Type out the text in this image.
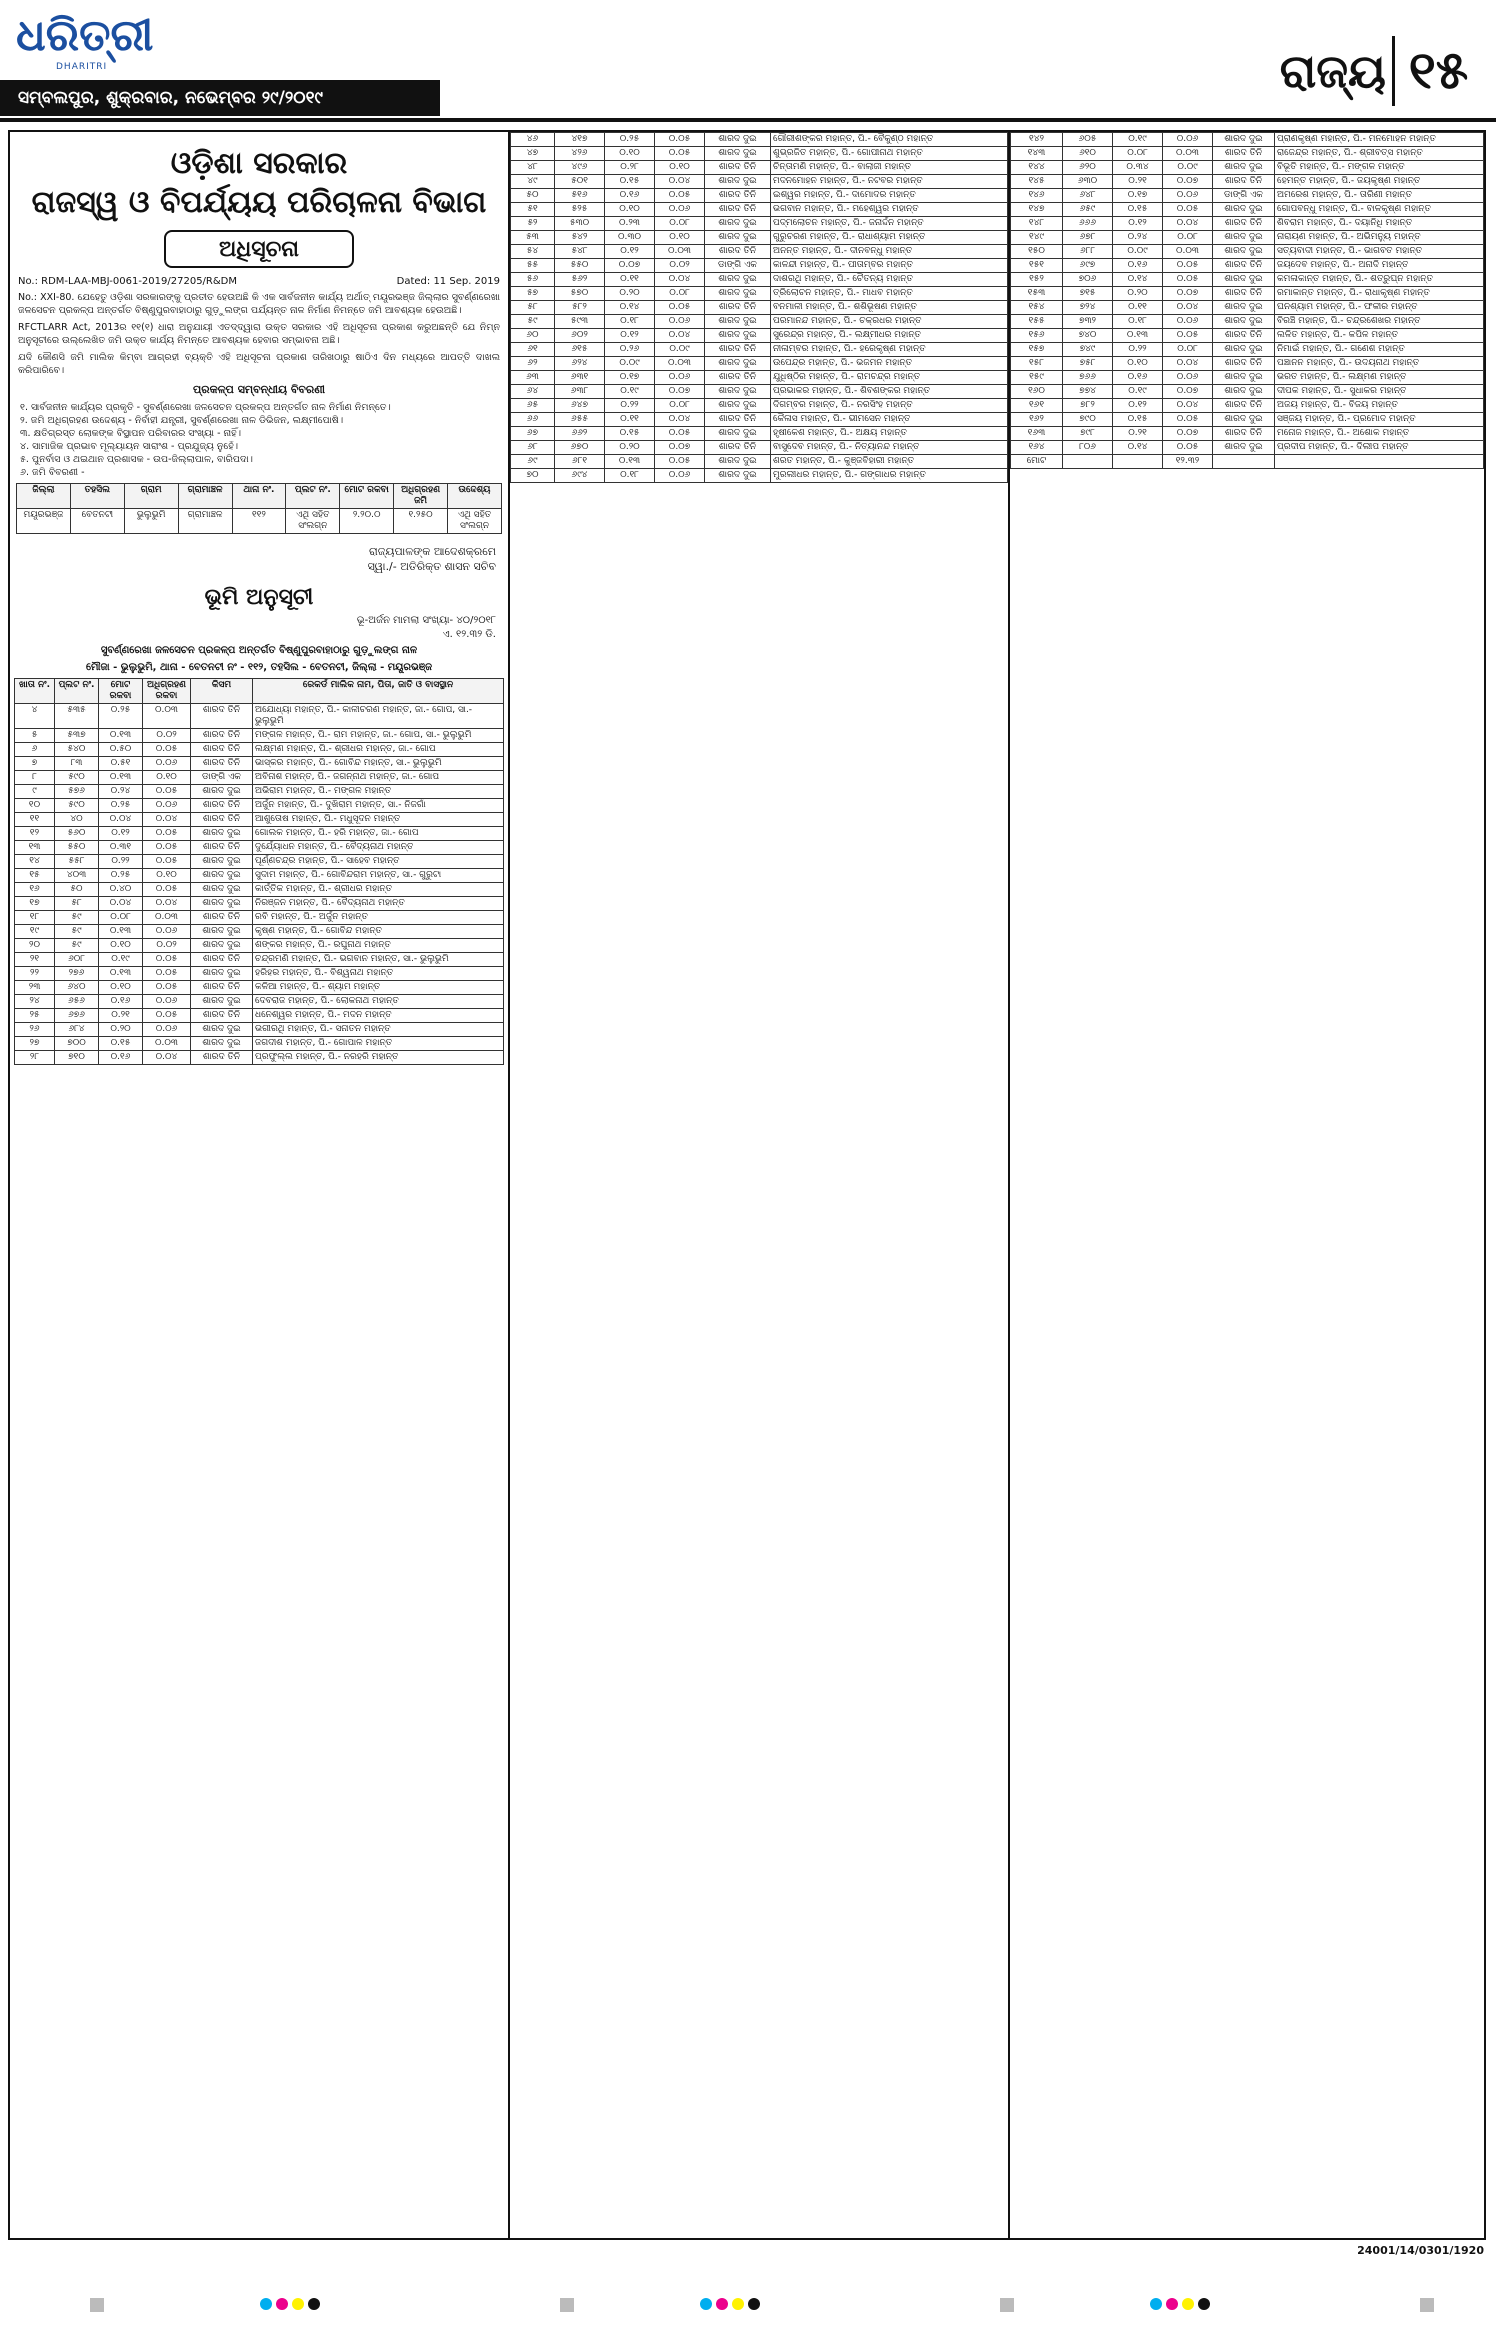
ଧରିତ୍ରୀ
DHARITRI
ସମ୍ବଲପୁର, ଶୁକ୍ରବାର, ନଭେମ୍ବର ୨୯/୨୦୧୯	ରାଜ୍ୟ ୧୫
ଓଡ଼ିଶା ସରକାର
ରାଜସ୍ୱ ଓ ବିପର୍ଯ୍ୟୟ ପରିଚାଳନା ବିଭାଗ
ଅଧିସୂଚନା
No.: RDM-LAA-MBJ-0061-2019/27205/R&DM	Dated: 11 Sep. 2019
No.: XXI-80. ଯେହେତୁ ଓଡ଼ିଶା ସରକାରଙ୍କୁ ପ୍ରତୀତ ହେଉଅଛି କି ଏକ ସାର୍ବଜନୀନ କାର୍ଯ୍ୟ ଅର୍ଥାତ୍ ମୟୂରଭଞ୍ଜ ଜିଲ୍ଲାର ସୁବର୍ଣ୍ଣରେଖା ଜଳସେଚନ ପ୍ରକଳ୍ପ ଅନ୍ତର୍ଗତ ବିଷ୍ଣୁପୁରବାହାଠାରୁ ଗୁଡ଼ୁଲଙ୍ଗ ପର୍ଯ୍ୟନ୍ତ ନାଳ ନିର୍ମାଣ ନିମନ୍ତେ ଜମି ଆବଶ୍ୟକ ହେଉଅଛି।
RFCTLARR Act, 2013ର ୧୧(୧) ଧାରା ଅନୁଯାୟୀ ଏତଦ୍‌ଦ୍ୱାରା ଉକ୍ତ ସରକାର ଏହି ଅଧିସୂଚନା ପ୍ରକାଶ କରୁଅଛନ୍ତି ଯେ ନିମ୍ନ ଅନୁସୂଚୀରେ ଉଲ୍ଲେଖିତ ଜମି ଉକ୍ତ କାର୍ଯ୍ୟ ନିମନ୍ତେ ଆବଶ୍ୟକ ହେବାର ସମ୍ଭାବନା ଅଛି।
ଯଦି କୌଣସି ଜମି ମାଲିକ କିମ୍ବା ଆଗ୍ରହୀ ବ୍ୟକ୍ତି ଏହି ଅଧିସୂଚନା ପ୍ରକାଶ ତାରିଖଠାରୁ ଷାଠିଏ ଦିନ ମଧ୍ୟରେ ଆପତ୍ତି ଦାଖଲ କରିପାରିବେ।
ପ୍ରକଳ୍ପ ସମ୍ବନ୍ଧୀୟ ବିବରଣୀ
୧. ସାର୍ବଜନୀନ କାର୍ଯ୍ୟର ପ୍ରକୃତି - ସୁବର୍ଣ୍ଣରେଖା ଜଳସେଚନ ପ୍ରକଳ୍ପ ଅନ୍ତର୍ଗତ ନାଳ ନିର୍ମାଣ ନିମନ୍ତେ।
୨. ଜମି ଅଧିଗ୍ରହଣ ଉଦ୍ଦେଶ୍ୟ - ନିର୍ବାହୀ ଯନ୍ତ୍ରୀ, ସୁବର୍ଣ୍ଣରେଖା ନାଳ ଡିଭିଜନ, ଲକ୍ଷ୍ମୀପୋଷି।
୩. କ୍ଷତିଗ୍ରସ୍ତ ଲୋକଙ୍କ ବିସ୍ଥାପନ ପରିବାରର ସଂଖ୍ୟା - ନାହିଁ।
୪. ସାମାଜିକ ପ୍ରଭାବ ମୂଲ୍ୟାୟନ ସାରାଂଶ - ପ୍ରଯୁଜ୍ୟ ନୁହେଁ।
୫. ପୁନର୍ବାସ ଓ ଥଇଥାନ ପ୍ରଶାସକ - ଉପ-ଜିଲ୍ଲାପାଳ, ବାରିପଦା।
୬. ଜମି ବିବରଣୀ -
ଜିଲ୍ଲା	ତହସିଲ	ଗ୍ରାମ	ଗ୍ରାମାଞ୍ଚଳ	ଥାନା ନଂ.	ପ୍ଲଟ ନଂ.	ମୋଟ ରକବା	ଅଧିଗ୍ରହଣ ଜମି	ଉଦ୍ଦେଶ୍ୟ
ମୟୂରଭଞ୍ଜ	ବେତନଟୀ	ଭୁଲୁଭୁମି	ଗ୍ରାମାଞ୍ଚଳ	୧୧୨	ଏଥି ସହିତ ସଂଲଗ୍ନ	୨.୨୦.୦	୧.୨୫୦	ଏଥି ସହିତ ସଂଲଗ୍ନ
ରାଜ୍ୟପାଳଙ୍କ ଆଦେଶକ୍ରମେ
ସ୍ୱା./- ଅତିରିକ୍ତ ଶାସନ ସଚିବ
ଭୂମି ଅନୁସୂଚୀ
ଭୂ-ଅର୍ଜନ ମାମଲା ସଂଖ୍ୟା- ୪୦/୨୦୧୮
ଏ. ୧୨.୩୨ ଡି.
ସୁବର୍ଣ୍ଣରେଖା ଜଳସେଚନ ପ୍ରକଳ୍ପ ଅନ୍ତର୍ଗତ ବିଷ୍ଣୁପୁରବାହାଠାରୁ ଗୁଡ଼ୁଲଙ୍ଗ ନାଳ
ମୌଜା - ଭୁଲୁଭୁମି, ଥାନା - ବେତନଟୀ ନଂ - ୧୧୨, ତହସିଲ - ବେତନଟୀ, ଜିଲ୍ଲା - ମୟୂରଭଞ୍ଜ
ଖାତା ନଂ.	ପ୍ଲଟ ନଂ.	ମୋଟ ରକବା	ଅଧିଗ୍ରହଣ ରକବା	କିସମ	ରେକର୍ଡ ମାଲିକ ନାମ, ପିତା, ଜାତି ଓ ବାସସ୍ଥାନ
୪	୫୩୫	୦.୨୫	୦.୦୩	ଶାରଦ ତିନି	ଅଯୋଧ୍ୟା ମହାନ୍ତ, ପି.- କାଳୀଚରଣ ମହାନ୍ତ, ଜା.- ଗୋପ, ସା.- ଭୁଲୁଭୁମି
୫	୫୩୭	୦.୧୩	୦.୦୨	ଶାରଦ ତିନି	ମଙ୍ଗଳ ମହାନ୍ତ, ପି.- ରାମ ମହାନ୍ତ, ଜା.- ଗୋପ, ସା.- ଭୁଲୁଭୁମି
୬	୫୪୦	୦.୫୦	୦.୦୫	ଶାରଦ ତିନି	ଲକ୍ଷ୍ମଣ ମହାନ୍ତ, ପି.- ଶ୍ରୀଧର ମହାନ୍ତ, ଜା.- ଗୋପ
୭	୮୩	୦.୫୧	୦.୦୬	ଶାରଦ ତିନି	ଭାସ୍କର ମହାନ୍ତ, ପି.- ଗୋବିନ୍ଦ ମହାନ୍ତ, ସା.- ଭୁଲୁଭୁମି
୮	୫୯୦	୦.୧୩	୦.୧୦	ଡାଙ୍ଗି ଏକ	ଅବିନାଶ ମହାନ୍ତ, ପି.- ଜଗନ୍ନାଥ ମହାନ୍ତ, ଜା.- ଗୋପ
୯	୫୭୬	୦.୨୪	୦.୦୫	ଶାରଦ ଦୁଇ	ଅଭିରାମ ମହାନ୍ତ, ପି.- ମଙ୍ଗଳ ମହାନ୍ତ
୧୦	୫୯୦	୦.୨୫	୦.୦୬	ଶାରଦ ତିନି	ଅର୍ଜୁନ ମହାନ୍ତ, ପି.- ଦୁଖିରାମ ମହାନ୍ତ, ସା.- ନିଜଗାଁ
୧୧	୪୦	୦.୦୪	୦.୦୪	ଶାରଦ ତିନି	ଆଶୁତୋଷ ମହାନ୍ତ, ପି.- ମଧୁସୂଦନ ମହାନ୍ତ
୧୨	୫୬୦	୦.୧୨	୦.୦୫	ଶାରଦ ଦୁଇ	ଗୋଲକ ମହାନ୍ତ, ପି.- ହରି ମହାନ୍ତ, ଜା.- ଗୋପ
୧୩	୫୫୦	୦.୩୧	୦.୦୫	ଶାରଦ ତିନି	ଦୁର୍ଯ୍ୟୋଧନ ମହାନ୍ତ, ପି.- ବୈଦ୍ୟନାଥ ମହାନ୍ତ
୧୪	୫୫୮	୦.୨୨	୦.୦୫	ଶାରଦ ଦୁଇ	ପୂର୍ଣ୍ଣଚନ୍ଦ୍ର ମହାନ୍ତ, ପି.- ସାହେବ ମହାନ୍ତ
୧୫	୪୦୩	୦.୨୫	୦.୧୦	ଶାରଦ ଦୁଇ	ସୁଦାମ ମହାନ୍ତ, ପି.- ଗୋବିନ୍ଦରାମ ମହାନ୍ତ, ସା.- ଗୁରୁଟା
୧୬	୫୦	୦.୪୦	୦.୦୫	ଶାରଦ ଦୁଇ	କାର୍ତ୍ତିକ ମହାନ୍ତ, ପି.- ଶ୍ରୀଧର ମହାନ୍ତ
୧୭	୫୮	୦.୦୪	୦.୦୪	ଶାରଦ ଦୁଇ	ନିରଞ୍ଜନ ମହାନ୍ତ, ପି.- ବୈଦ୍ୟନାଥ ମହାନ୍ତ
୧୮	୫୯	୦.୦୮	୦.୦୩	ଶାରଦ ତିନି	ରବି ମହାନ୍ତ, ପି.- ଅର୍ଜୁନ ମହାନ୍ତ
୧୯	୫୯	୦.୧୩	୦.୦୬	ଶାରଦ ଦୁଇ	କୃଷ୍ଣ ମହାନ୍ତ, ପି.- ଗୋବିନ୍ଦ ମହାନ୍ତ
୨୦	୫୯	୦.୧୦	୦.୦୨	ଶାରଦ ଦୁଇ	ଶଙ୍କର ମହାନ୍ତ, ପି.- ରଘୁନାଥ ମହାନ୍ତ
୨୧	୬୦୮	୦.୧୯	୦.୦୫	ଶାରଦ ତିନି	ଚନ୍ଦ୍ରମଣି ମହାନ୍ତ, ପି.- ଭଗବାନ ମହାନ୍ତ, ସା.- ଭୁଲୁଭୁମି
୨୨	୨୭୬	୦.୧୩	୦.୦୫	ଶାରଦ ଦୁଇ	ହରିହର ମହାନ୍ତ, ପି.- ବିଶ୍ୱନାଥ ମହାନ୍ତ
୨୩	୬୪୦	୦.୧୦	୦.୦୫	ଶାରଦ ତିନି	କଳିଆ ମହାନ୍ତ, ପି.- ଶ୍ୟାମ ମହାନ୍ତ
୨୪	୬୫୬	୦.୧୬	୦.୦୬	ଶାରଦ ଦୁଇ	ଦେବରାଜ ମହାନ୍ତ, ପି.- ଲୋକନାଥ ମହାନ୍ତ
୨୫	୬୭୬	୦.୨୧	୦.୦୫	ଶାରଦ ତିନି	ଧନେଶ୍ୱର ମହାନ୍ତ, ପି.- ମଦନ ମହାନ୍ତ
୨୬	୬୮୪	୦.୨୦	୦.୦୬	ଶାରଦ ଦୁଇ	ଭଗୀରଥି ମହାନ୍ତ, ପି.- ସନାତନ ମହାନ୍ତ
୨୭	୭୦୦	୦.୧୫	୦.୦୩	ଶାରଦ ଦୁଇ	ଜଗଦୀଶ ମହାନ୍ତ, ପି.- ଗୋପାଳ ମହାନ୍ତ
୨୮	୭୧୦	୦.୧୬	୦.୦୪	ଶାରଦ ତିନି	ପ୍ରଫୁଲ୍ଲ ମହାନ୍ତ, ପି.- ନରହରି ମହାନ୍ତ
୪୬	୪୧୭	୦.୨୫	୦.୦୫	ଶାରଦ ଦୁଇ	ଗୌରୀଶଙ୍କର ମହାନ୍ତ, ପି.- ବୈକୁଣ୍ଠ ମହାନ୍ତ
୪୭	୪୨୬	୦.୧୦	୦.୦୫	ଶାରଦ ଦୁଇ	ଶୁଭ୍ରଜିତ ମହାନ୍ତ, ପି.- ଗୋପୀନାଥ ମହାନ୍ତ
୪୮	୪୯୬	୦.୨୮	୦.୧୦	ଶାରଦ ତିନି	ଚିନ୍ତାମଣି ମହାନ୍ତ, ପି.- ବାଲାଜୀ ମହାନ୍ତ
୪୯	୫୦୧	୦.୧୫	୦.୦୪	ଶାରଦ ଦୁଇ	ମଦନମୋହନ ମହାନ୍ତ, ପି.- ନଟବର ମହାନ୍ତ
୫୦	୫୧୬	୦.୧୬	୦.୦୫	ଶାରଦ ତିନି	ଇଶ୍ୱର ମହାନ୍ତ, ପି.- ଦାମୋଦର ମହାନ୍ତ
୫୧	୫୨୫	୦.୧୦	୦.୦୬	ଶାରଦ ତିନି	ଭଗବାନ ମହାନ୍ତ, ପି.- ମହେଶ୍ୱର ମହାନ୍ତ
୫୨	୫୩୦	୦.୨୩	୦.୦୮	ଶାରଦ ଦୁଇ	ପଦ୍ମଲୋଚନ ମହାନ୍ତ, ପି.- ଜନାର୍ଦ୍ଦନ ମହାନ୍ତ
୫୩	୫୪୨	୦.୩୦	୦.୧୦	ଶାରଦ ଦୁଇ	ଗୁରୁଚରଣ ମହାନ୍ତ, ପି.- ରାଧାଶ୍ୟାମ ମହାନ୍ତ
୫୪	୫୪୮	୦.୧୨	୦.୦୩	ଶାରଦ ତିନି	ଅନନ୍ତ ମହାନ୍ତ, ପି.- ଦୀନବନ୍ଧୁ ମହାନ୍ତ
୫୫	୫୫୦	୦.୦୭	୦.୦୨	ଡାଙ୍ଗି ଏକ	କାଳନ୍ଦୀ ମହାନ୍ତ, ପି.- ପୀତାମ୍ବର ମହାନ୍ତ
୫୬	୫୬୨	୦.୧୧	୦.୦୪	ଶାରଦ ଦୁଇ	ଦାଶରଥି ମହାନ୍ତ, ପି.- ଚୈତନ୍ୟ ମହାନ୍ତ
୫୭	୫୭୦	୦.୨୦	୦.୦୮	ଶାରଦ ଦୁଇ	ତ୍ରିଲୋଚନ ମହାନ୍ତ, ପି.- ମାଧବ ମହାନ୍ତ
୫୮	୫୮୨	୦.୧୪	୦.୦୫	ଶାରଦ ତିନି	ବନମାଳୀ ମହାନ୍ତ, ପି.- ଶଶିଭୂଷଣ ମହାନ୍ତ
୫୯	୫୯୩	୦.୧୮	୦.୦୬	ଶାରଦ ଦୁଇ	ପରମାନନ୍ଦ ମହାନ୍ତ, ପି.- ଚକ୍ରଧର ମହାନ୍ତ
୬୦	୬୦୨	୦.୧୨	୦.୦୪	ଶାରଦ ଦୁଇ	ସୁରେନ୍ଦ୍ର ମହାନ୍ତ, ପି.- ଲକ୍ଷ୍ମୀଧର ମହାନ୍ତ
୬୧	୬୧୫	୦.୨୬	୦.୦୯	ଶାରଦ ତିନି	ନୀଳାମ୍ବର ମହାନ୍ତ, ପି.- ହରେକୃଷ୍ଣ ମହାନ୍ତ
୬୨	୬୨୪	୦.୦୯	୦.୦୩	ଶାରଦ ଦୁଇ	ଉପେନ୍ଦ୍ର ମହାନ୍ତ, ପି.- ଭଜମନ ମହାନ୍ତ
୬୩	୬୩୧	୦.୧୭	୦.୦୬	ଶାରଦ ତିନି	ଯୁଧିଷ୍ଠିର ମହାନ୍ତ, ପି.- ରାମଚନ୍ଦ୍ର ମହାନ୍ତ
୬୪	୬୩୮	୦.୧୯	୦.୦୭	ଶାରଦ ଦୁଇ	ପ୍ରଭାକର ମହାନ୍ତ, ପି.- ଶିବଶଙ୍କର ମହାନ୍ତ
୬୫	୬୪୭	୦.୨୨	୦.୦୮	ଶାରଦ ଦୁଇ	ଦିଗମ୍ବର ମହାନ୍ତ, ପି.- ନରସିଂହ ମହାନ୍ତ
୬୬	୬୫୫	୦.୧୧	୦.୦୪	ଶାରଦ ତିନି	କୈଳାସ ମହାନ୍ତ, ପି.- ଭୀମସେନ ମହାନ୍ତ
୬୭	୬୬୨	୦.୧୫	୦.୦୫	ଶାରଦ ଦୁଇ	ହୃଷୀକେଶ ମହାନ୍ତ, ପି.- ଅକ୍ଷୟ ମହାନ୍ତ
୬୮	୬୭୦	୦.୨୦	୦.୦୭	ଶାରଦ ତିନି	ବାସୁଦେବ ମହାନ୍ତ, ପି.- ନିତ୍ୟାନନ୍ଦ ମହାନ୍ତ
୬୯	୬୮୧	୦.୧୩	୦.୦୫	ଶାରଦ ଦୁଇ	ଶରତ ମହାନ୍ତ, ପି.- କୁଞ୍ଜବିହାରୀ ମହାନ୍ତ
୭୦	୬୯୪	୦.୧୮	୦.୦୬	ଶାରଦ ଦୁଇ	ମୁରଲୀଧର ମହାନ୍ତ, ପି.- ଗଙ୍ଗାଧର ମହାନ୍ତ
୧୪୨	୬୦୫	୦.୧୯	୦.୦୬	ଶାରଦ ଦୁଇ	ପ୍ରାଣକୃଷ୍ଣ ମହାନ୍ତ, ପି.- ମନମୋହନ ମହାନ୍ତ
୧୪୩	୬୧୦	୦.୦୮	୦.୦୩	ଶାରଦ ତିନି	ରାଜେନ୍ଦ୍ର ମହାନ୍ତ, ପି.- ଶ୍ରୀବତ୍ସ ମହାନ୍ତ
୧୪୪	୬୨୦	୦.୩୪	୦.୦୯	ଶାରଦ ଦୁଇ	ବିଭୂତି ମହାନ୍ତ, ପି.- ମଙ୍ଗଳ ମହାନ୍ତ
୧୪୫	୬୩୦	୦.୨୧	୦.୦୭	ଶାରଦ ତିନି	ହେମନ୍ତ ମହାନ୍ତ, ପି.- ଜୟକୃଷ୍ଣ ମହାନ୍ତ
୧୪୬	୬୪୮	୦.୧୭	୦.୦୬	ଡାଙ୍ଗି ଏକ	ଅମରେଶ ମହାନ୍ତ, ପି.- ତାରିଣୀ ମହାନ୍ତ
୧୪୭	୬୫୯	୦.୧୫	୦.୦୫	ଶାରଦ ଦୁଇ	ଗୋପବନ୍ଧୁ ମହାନ୍ତ, ପି.- ବାଳକୃଷ୍ଣ ମହାନ୍ତ
୧୪୮	୬୬୬	୦.୧୨	୦.୦୪	ଶାରଦ ତିନି	ଶିବରାମ ମହାନ୍ତ, ପି.- ଦୟାନିଧି ମହାନ୍ତ
୧୪୯	୬୭୮	୦.୨୪	୦.୦୮	ଶାରଦ ଦୁଇ	ନାରାୟଣ ମହାନ୍ତ, ପି.- ଅଭିମନ୍ୟୁ ମହାନ୍ତ
୧୫୦	୬୮୮	୦.୦୯	୦.୦୩	ଶାରଦ ଦୁଇ	ସତ୍ୟବାଦୀ ମହାନ୍ତ, ପି.- ଭାଗବତ ମହାନ୍ତ
୧୫୧	୬୯୭	୦.୧୬	୦.୦୫	ଶାରଦ ତିନି	ଜୟଦେବ ମହାନ୍ତ, ପି.- ଅନାଦି ମହାନ୍ତ
୧୫୨	୭୦୬	୦.୧୪	୦.୦୫	ଶାରଦ ଦୁଇ	କମଳାକାନ୍ତ ମହାନ୍ତ, ପି.- ଶତ୍ରୁଘ୍ନ ମହାନ୍ତ
୧୫୩	୭୧୫	୦.୨୦	୦.୦୭	ଶାରଦ ତିନି	ରମାକାନ୍ତ ମହାନ୍ତ, ପି.- ରାଧାକୃଷ୍ଣ ମହାନ୍ତ
୧୫୪	୭୨୪	୦.୧୧	୦.୦୪	ଶାରଦ ଦୁଇ	ଘନଶ୍ୟାମ ମହାନ୍ତ, ପି.- ଫକୀର ମହାନ୍ତ
୧୫୫	୭୩୨	୦.୧୮	୦.୦୬	ଶାରଦ ଦୁଇ	ବିରଞ୍ଚି ମହାନ୍ତ, ପି.- ଚନ୍ଦ୍ରଶେଖର ମହାନ୍ତ
୧୫୬	୭୪୦	୦.୧୩	୦.୦୫	ଶାରଦ ତିନି	ଲଳିତ ମହାନ୍ତ, ପି.- କପିଳ ମହାନ୍ତ
୧୫୭	୭୪୯	୦.୨୨	୦.୦୮	ଶାରଦ ଦୁଇ	ନିମାଇଁ ମହାନ୍ତ, ପି.- ଗଣେଶ ମହାନ୍ତ
୧୫୮	୭୫୮	୦.୧୦	୦.୦୪	ଶାରଦ ତିନି	ପଞ୍ଚାନନ ମହାନ୍ତ, ପି.- ଉଦୟନାଥ ମହାନ୍ତ
୧୫୯	୭୬୬	୦.୧୬	୦.୦୬	ଶାରଦ ଦୁଇ	ଭରତ ମହାନ୍ତ, ପି.- ଲକ୍ଷ୍ମଣ ମହାନ୍ତ
୧୬୦	୭୭୪	୦.୧୯	୦.୦୭	ଶାରଦ ଦୁଇ	ଦୀପକ ମହାନ୍ତ, ପି.- ସୁଧାକର ମହାନ୍ତ
୧୬୧	୭୮୨	୦.୧୨	୦.୦୪	ଶାରଦ ତିନି	ଅଜୟ ମହାନ୍ତ, ପି.- ବିଜୟ ମହାନ୍ତ
୧୬୨	୭୯୦	୦.୧୫	୦.୦୫	ଶାରଦ ଦୁଇ	ସଞ୍ଜୟ ମହାନ୍ତ, ପି.- ପ୍ରମୋଦ ମହାନ୍ତ
୧୬୩	୭୯୮	୦.୨୧	୦.୦୭	ଶାରଦ ତିନି	ମନୋଜ ମହାନ୍ତ, ପି.- ଅଶୋକ ମହାନ୍ତ
୧୬୪	୮୦୬	୦.୧୪	୦.୦୫	ଶାରଦ ଦୁଇ	ପ୍ରଦୀପ ମହାନ୍ତ, ପି.- ଦିଲୀପ ମହାନ୍ତ
ମୋଟ			୧୨.୩୨		
24001/14/0301/1920
